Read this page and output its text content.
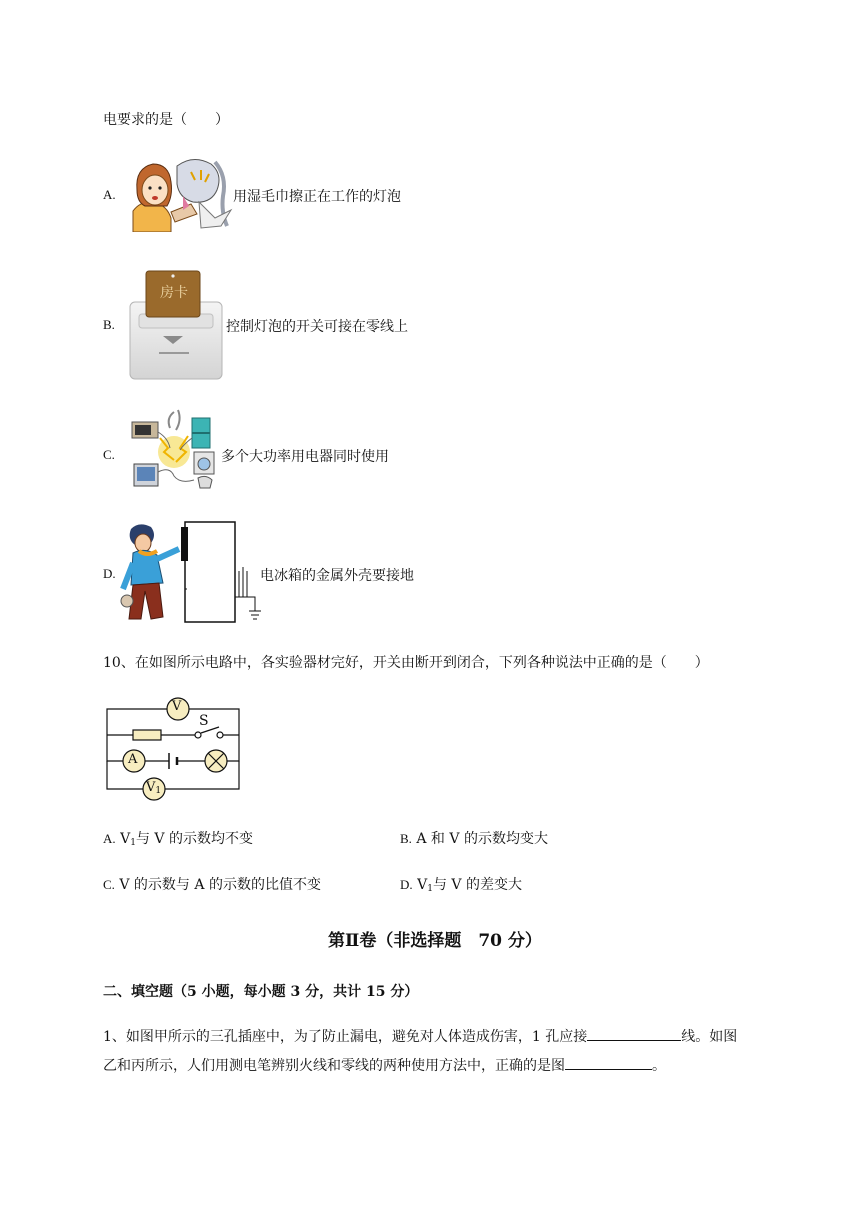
电要求的是（　　）
A.	用湿毛巾擦正在工作的灯泡
B.
房卡
控制灯泡的开关可接在零线上
C.	多个大功率用电器同时使用
D.	电冰箱的金属外壳要接地
10、在如图所示电路中，各实验器材完好，开关由断开到闭合，下列各种说法中正确的是（　　）
V
S
A
$V_1$
A. $V_1$与 V 的示数均不变	B. A 和 V 的示数均变大
C. V 的示数与 A 的示数的比值不变	D. $V_1$与 V 的差变大
第Ⅱ卷（非选择题　70 分）
二、填空题（5 小题，每小题 3 分，共计 15 分）
1、如图甲所示的三孔插座中，为了防止漏电，避免对人体造成伤害，1 孔应接	线。如图
乙和丙所示，人们用测电笔辨别火线和零线的两种使用方法中，正确的是图	。
